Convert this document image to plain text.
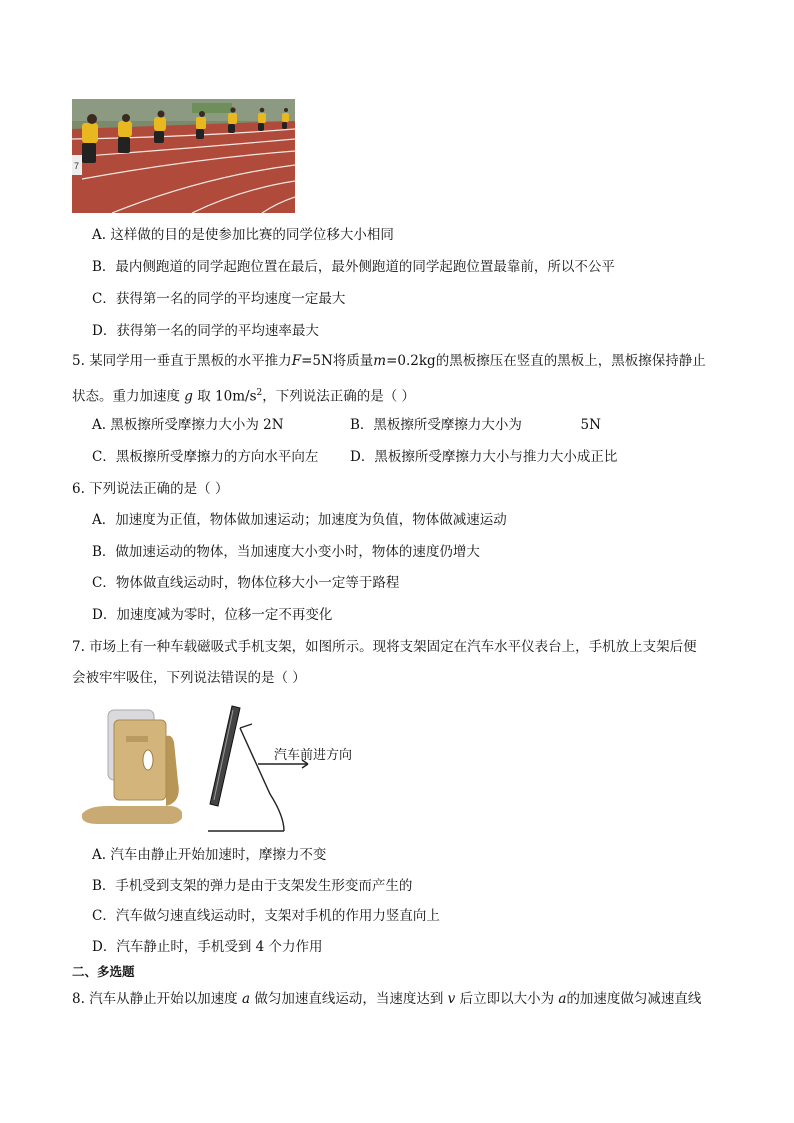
7
A. 这样做的目的是使参加比赛的同学位移大小相同
B．最内侧跑道的同学起跑位置在最后，最外侧跑道的同学起跑位置最靠前，所以不公平
C．获得第一名的同学的平均速度一定最大
D．获得第一名的同学的平均速率最大
5. 某同学用一垂直于黑板的水平推力F=5N将质量m=0.2kg的黑板擦压在竖直的黑板上，黑板擦保持静止
状态。重力加速度 g 取 $10m/s^2$，下列说法正确的是（ ）
A. 黑板擦所受摩擦力大小为 2N	B．黑板擦所受摩擦力大小为	5N
C．黑板擦所受摩擦力的方向水平向左 D．黑板擦所受摩擦力大小与推力大小成正比
6. 下列说法正确的是（ ）
A．加速度为正值，物体做加速运动；加速度为负值，物体做减速运动
B．做加速运动的物体，当加速度大小变小时，物体的速度仍增大
C．物体做直线运动时，物体位移大小一定等于路程
D．加速度减为零时，位移一定不再变化
7. 市场上有一种车载磁吸式手机支架，如图所示。现将支架固定在汽车水平仪表台上，手机放上支架后便
会被牢牢吸住，下列说法错误的是（ ）
汽车前进方向
A. 汽车由静止开始加速时，摩擦力不变
B．手机受到支架的弹力是由于支架发生形变而产生的
C．汽车做匀速直线运动时，支架对手机的作用力竖直向上
D．汽车静止时，手机受到 4 个力作用
二、多选题
8. 汽车从静止开始以加速度 a 做匀加速直线运动，当速度达到 v 后立即以大小为 a的加速度做匀减速直线
